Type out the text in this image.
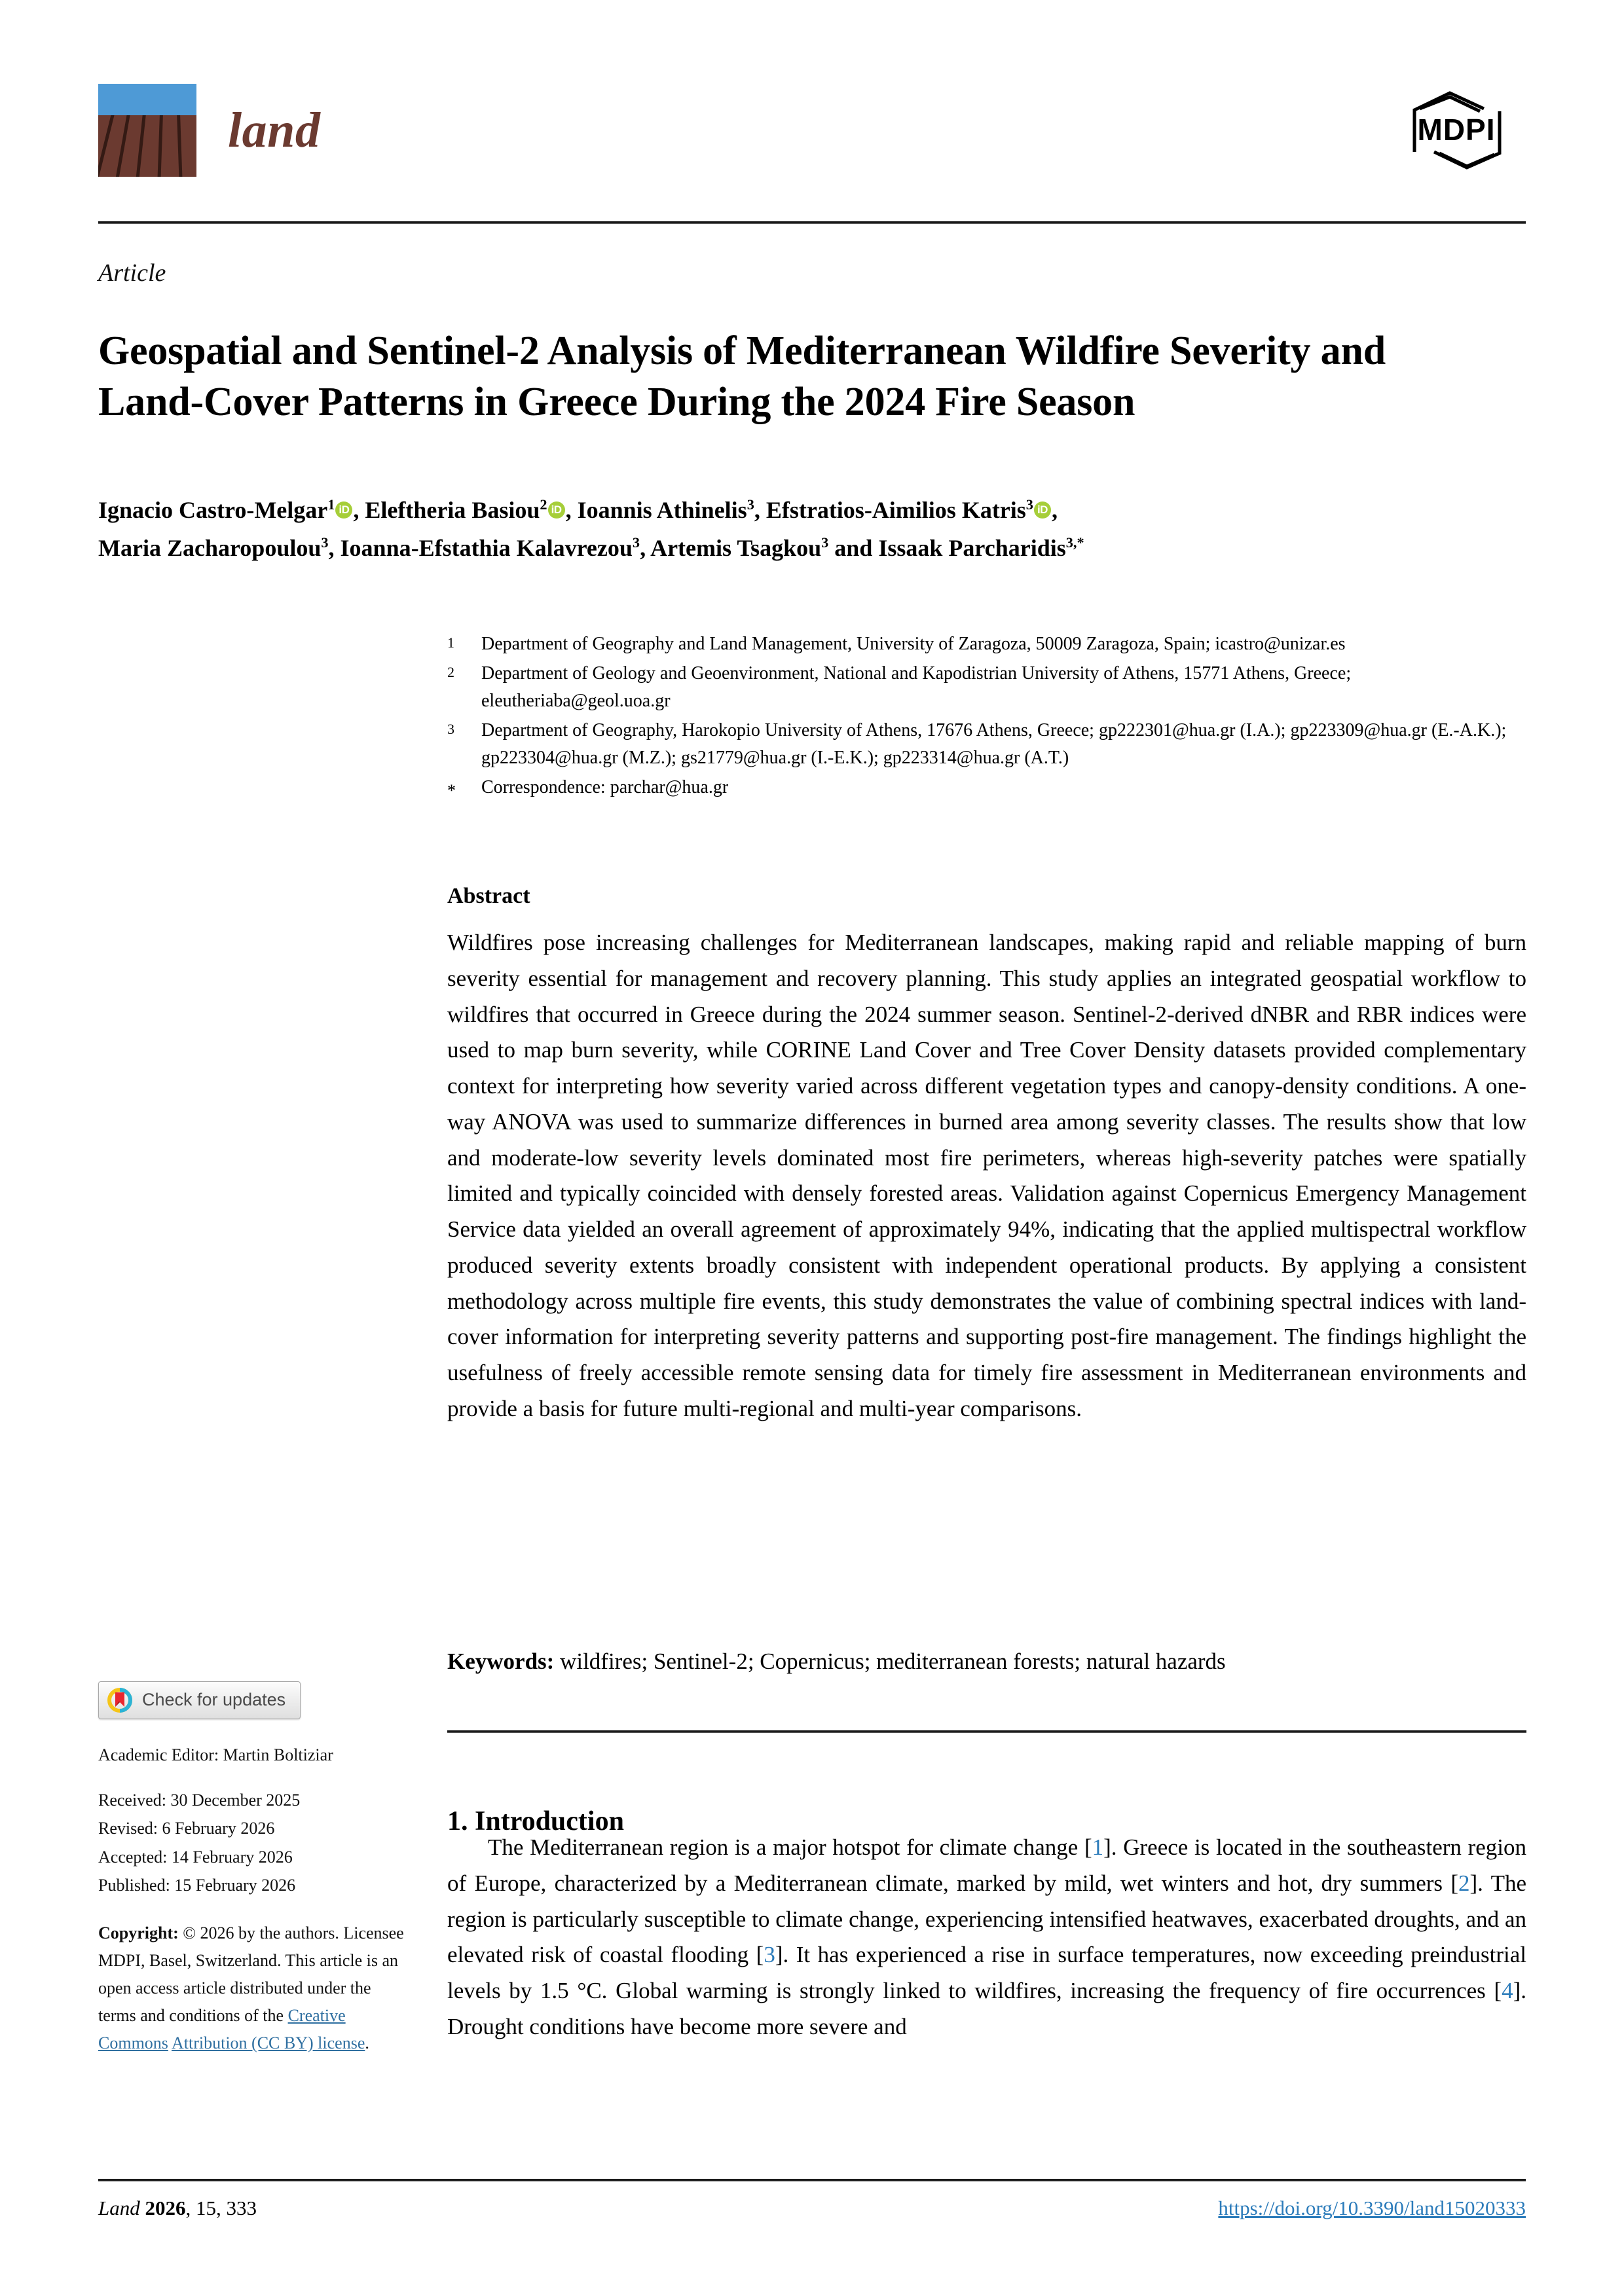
land	MDPI
Article
Geospatial and Sentinel-2 Analysis of Mediterranean Wildfire Severity and Land-Cover Patterns in Greece During the 2024 Fire Season
Ignacio Castro-Melgar$^1$ iD , Eleftheria Basiou$^2$ iD , Ioannis Athinelis$^3$, Efstratios-Aimilios Katris$^3$ iD ,
Maria Zacharopoulou$^3$, Ioanna-Efstathia Kalavrezou$^3$, Artemis Tsagkou$^3$ and Issaak Parcharidis$^{3,*}$
1	Department of Geography and Land Management, University of Zaragoza, 50009 Zaragoza, Spain; icastro@unizar.es
2	Department of Geology and Geoenvironment, National and Kapodistrian University of Athens, 15771 Athens, Greece; eleutheriaba@geol.uoa.gr
3	Department of Geography, Harokopio University of Athens, 17676 Athens, Greece; gp222301@hua.gr (I.A.); gp223309@hua.gr (E.-A.K.); gp223304@hua.gr (M.Z.); gs21779@hua.gr (I.-E.K.); gp223314@hua.gr (A.T.)
*	Correspondence: parchar@hua.gr
Abstract
Wildfires pose increasing challenges for Mediterranean landscapes, making rapid and reliable mapping of burn severity essential for management and recovery planning. This study applies an integrated geospatial workflow to wildfires that occurred in Greece during the 2024 summer season. Sentinel-2-derived dNBR and RBR indices were used to map burn severity, while CORINE Land Cover and Tree Cover Density datasets provided complementary context for interpreting how severity varied across different vegetation types and canopy-density conditions. A one-way ANOVA was used to summarize differences in burned area among severity classes. The results show that low and moderate-low severity levels dominated most fire perimeters, whereas high-severity patches were spatially limited and typically coincided with densely forested areas. Validation against Copernicus Emergency Management Service data yielded an overall agreement of approximately 94%, indicating that the applied multispectral workflow produced severity extents broadly consistent with independent operational products. By applying a consistent methodology across multiple fire events, this study demonstrates the value of combining spectral indices with land-cover information for interpreting severity patterns and supporting post-fire management. The findings highlight the usefulness of freely accessible remote sensing data for timely fire assessment in Mediterranean environments and provide a basis for future multi-regional and multi-year comparisons.
Keywords: wildfires; Sentinel-2; Copernicus; mediterranean forests; natural hazards
1. Introduction
The Mediterranean region is a major hotspot for climate change [1]. Greece is located in the southeastern region of Europe, characterized by a Mediterranean climate, marked by mild, wet winters and hot, dry summers [2]. The region is particularly susceptible to climate change, experiencing intensified heatwaves, exacerbated droughts, and an elevated risk of coastal flooding [3]. It has experienced a rise in surface temperatures, now exceeding preindustrial levels by 1.5 °C. Global warming is strongly linked to wildfires, increasing the frequency of fire occurrences [4]. Drought conditions have become more severe and
Check for updates
Academic Editor: Martin Boltiziar
Received: 30 December 2025
Revised: 6 February 2026
Accepted: 14 February 2026
Published: 15 February 2026
Copyright: © 2026 by the authors. Licensee MDPI, Basel, Switzerland. This article is an open access article distributed under the terms and conditions of the Creative Commons Attribution (CC BY) license.
Land 2026, 15, 333	https://doi.org/10.3390/land15020333
